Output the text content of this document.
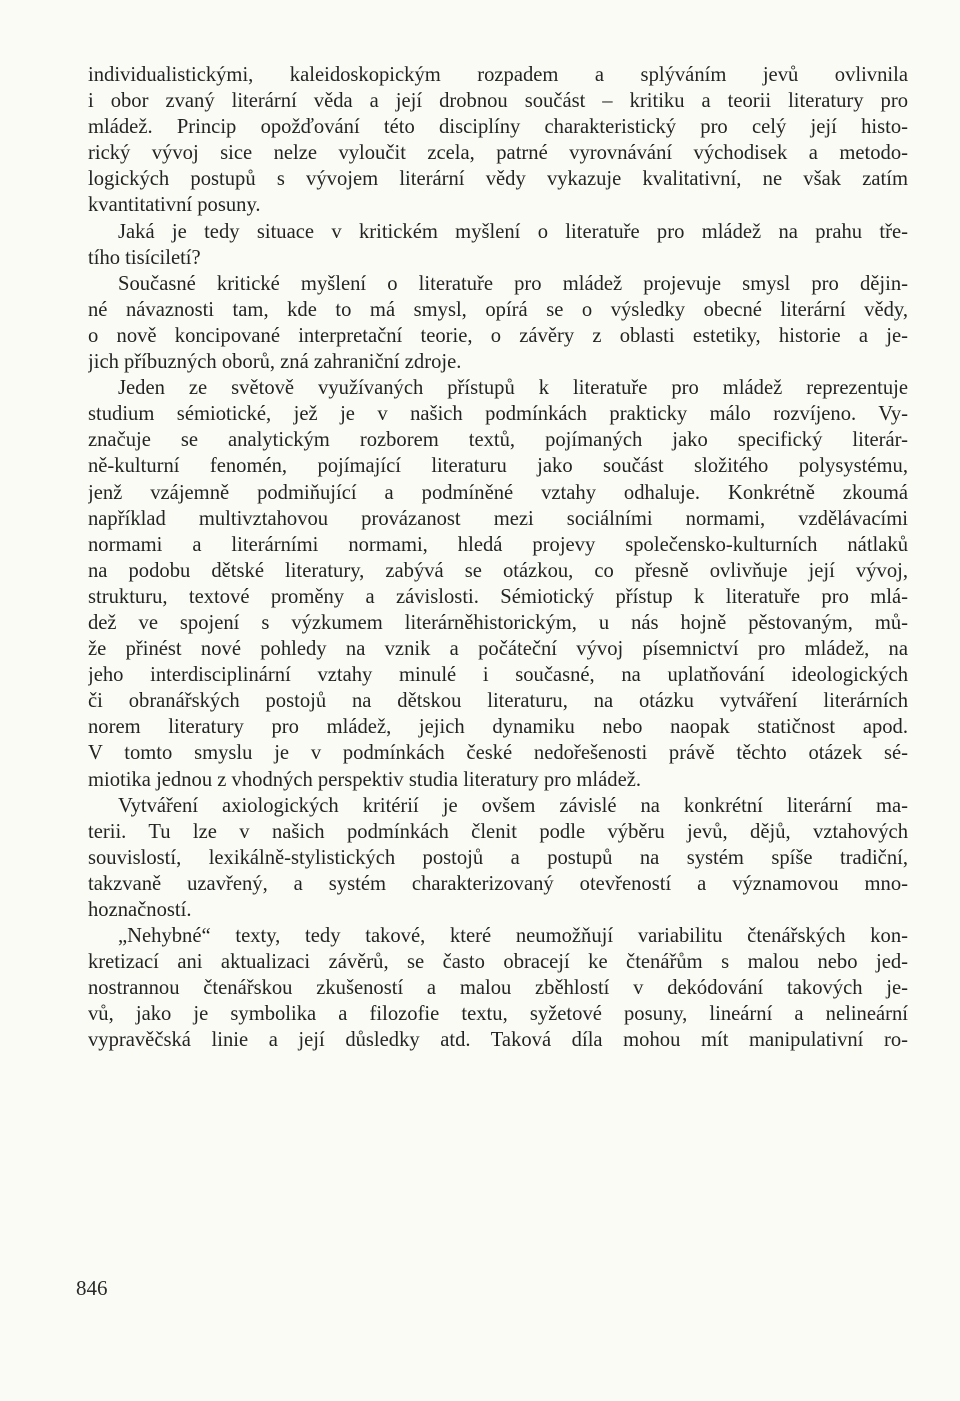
individualistickými, kaleidoskopickým rozpadem a splýváním jevů ovlivnila
i obor zvaný literární věda a její drobnou součást – kritiku a teorii literatury pro
mládež. Princip opožďování této disciplíny charakteristický pro celý její histo-
rický vývoj sice nelze vyloučit zcela, patrné vyrovnávání východisek a metodo-
logických postupů s vývojem literární vědy vykazuje kvalitativní, ne však zatím
kvantitativní posuny.
Jaká je tedy situace v kritickém myšlení o literatuře pro mládež na prahu tře-
tího tisíciletí?
Současné kritické myšlení o literatuře pro mládež projevuje smysl pro dějin-
né návaznosti tam, kde to má smysl, opírá se o výsledky obecné literární vědy,
o nově koncipované interpretační teorie, o závěry z oblasti estetiky, historie a je-
jich příbuzných oborů, zná zahraniční zdroje.
Jeden ze světově využívaných přístupů k literatuře pro mládež reprezentuje
studium sémiotické, jež je v našich podmínkách prakticky málo rozvíjeno. Vy-
značuje se analytickým rozborem textů, pojímaných jako specifický literár-
ně-kulturní fenomén, pojímající literaturu jako součást složitého polysystému,
jenž vzájemně podmiňující a podmíněné vztahy odhaluje. Konkrétně zkoumá
například multivztahovou provázanost mezi sociálními normami, vzdělávacími
normami a literárními normami, hledá projevy společensko-kulturních nátlaků
na podobu dětské literatury, zabývá se otázkou, co přesně ovlivňuje její vývoj,
strukturu, textové proměny a závislosti. Sémiotický přístup k literatuře pro mlá-
dež ve spojení s výzkumem literárněhistorickým, u nás hojně pěstovaným, mů-
že přinést nové pohledy na vznik a počáteční vývoj písemnictví pro mládež, na
jeho interdisciplinární vztahy minulé i současné, na uplatňování ideologických
či obranářských postojů na dětskou literaturu, na otázku vytváření literárních
norem literatury pro mládež, jejich dynamiku nebo naopak statičnost apod.
V tomto smyslu je v podmínkách české nedořešenosti právě těchto otázek sé-
miotika jednou z vhodných perspektiv studia literatury pro mládež.
Vytváření axiologických kritérií je ovšem závislé na konkrétní literární ma-
terii. Tu lze v našich podmínkách členit podle výběru jevů, dějů, vztahových
souvislostí, lexikálně-stylistických postojů a postupů na systém spíše tradiční,
takzvaně uzavřený, a systém charakterizovaný otevřeností a významovou mno-
hoznačností.
„Nehybné“ texty, tedy takové, které neumožňují variabilitu čtenářských kon-
kretizací ani aktualizaci závěrů, se často obracejí ke čtenářům s malou nebo jed-
nostrannou čtenářskou zkušeností a malou zběhlostí v dekódování takových je-
vů, jako je symbolika a filozofie textu, syžetové posuny, lineární a nelineární
vypravěčská linie a její důsledky atd. Taková díla mohou mít manipulativní ro-
846
